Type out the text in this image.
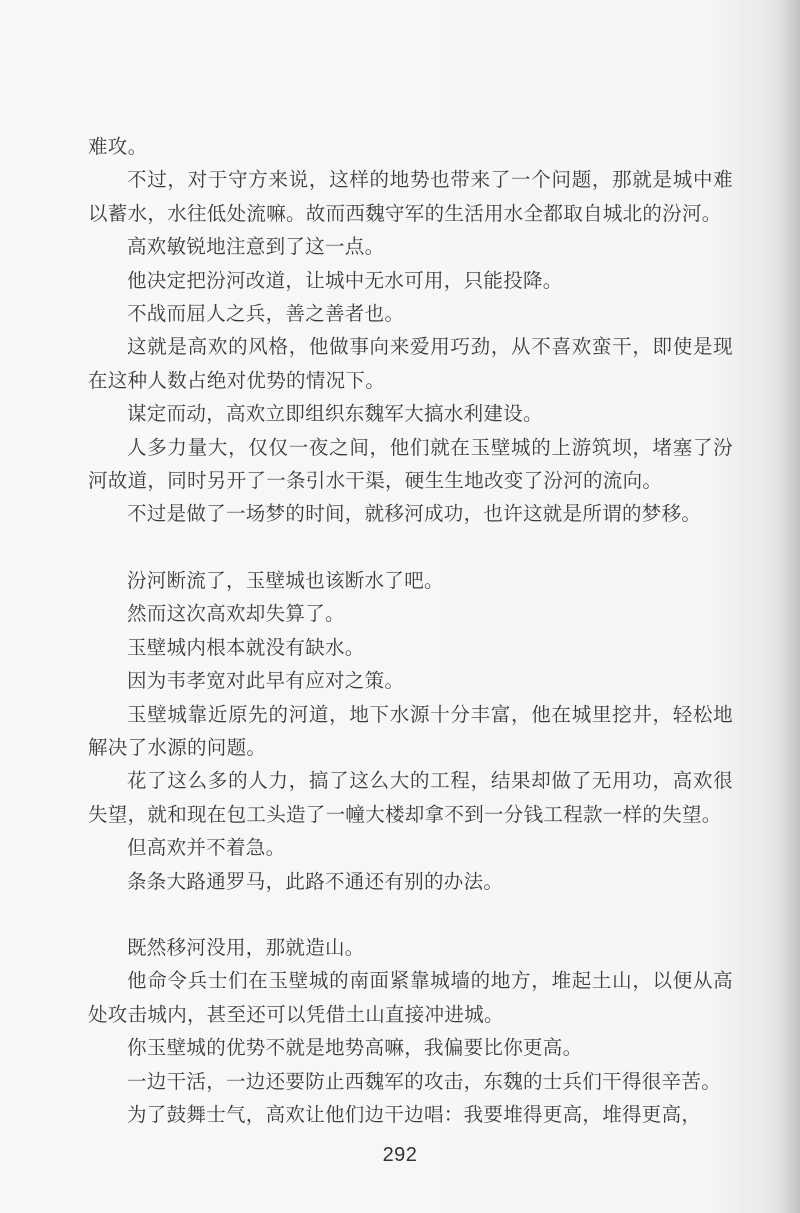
难攻。

不过，对于守方来说，这样的地势也带来了一个问题，那就是城中难以蓄水，水往低处流嘛。故而西魏守军的生活用水全都取自城北的汾河。

高欢敏锐地注意到了这一点。

他决定把汾河改道，让城中无水可用，只能投降。

不战而屈人之兵，善之善者也。

这就是高欢的风格，他做事向来爱用巧劲，从不喜欢蛮干，即使是现在这种人数占绝对优势的情况下。

谋定而动，高欢立即组织东魏军大搞水利建设。

人多力量大，仅仅一夜之间，他们就在玉壁城的上游筑坝，堵塞了汾河故道，同时另开了一条引水干渠，硬生生地改变了汾河的流向。

不过是做了一场梦的时间，就移河成功，也许这就是所谓的梦移。

汾河断流了，玉壁城也该断水了吧。

然而这次高欢却失算了。

玉壁城内根本就没有缺水。

因为韦孝宽对此早有应对之策。

玉壁城靠近原先的河道，地下水源十分丰富，他在城里挖井，轻松地解决了水源的问题。

花了这么多的人力，搞了这么大的工程，结果却做了无用功，高欢很失望，就和现在包工头造了一幢大楼却拿不到一分钱工程款一样的失望。

但高欢并不着急。

条条大路通罗马，此路不通还有别的办法。

既然移河没用，那就造山。

他命令兵士们在玉壁城的南面紧靠城墙的地方，堆起土山，以便从高处攻击城内，甚至还可以凭借土山直接冲进城。

你玉壁城的优势不就是地势高嘛，我偏要比你更高。

一边干活，一边还要防止西魏军的攻击，东魏的士兵们干得很辛苦。

为了鼓舞士气，高欢让他们边干边唱：我要堆得更高，堆得更高，

292
